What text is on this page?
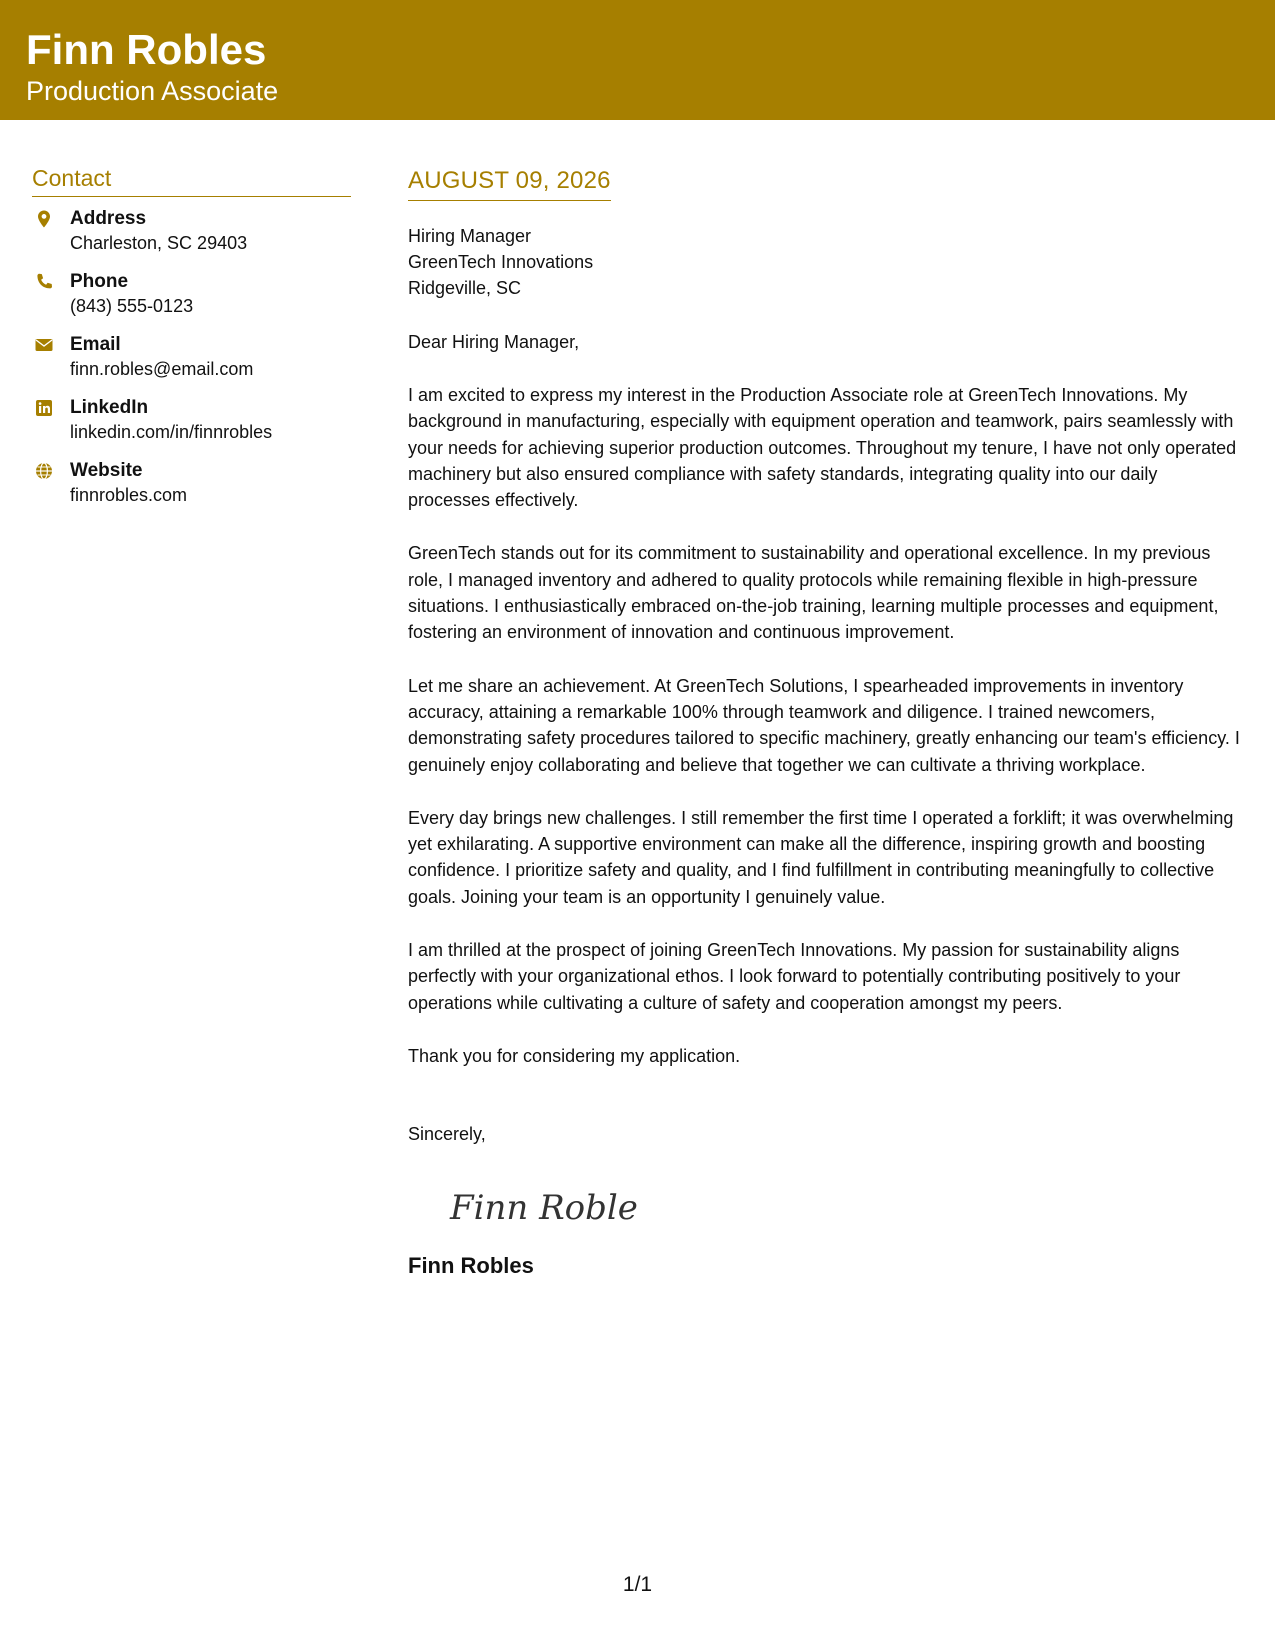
Finn Robles
Production Associate
Contact
Address
Charleston, SC 29403
Phone
(843) 555-0123
Email
finn.robles@email.com
LinkedIn
linkedin.com/in/finnrobles
Website
finnrobles.com
AUGUST 09, 2026
Hiring Manager
GreenTech Innovations
Ridgeville, SC
Dear Hiring Manager,
I am excited to express my interest in the Production Associate role at GreenTech Innovations. My background in manufacturing, especially with equipment operation and teamwork, pairs seamlessly with your needs for achieving superior production outcomes. Throughout my tenure, I have not only operated machinery but also ensured compliance with safety standards, integrating quality into our daily processes effectively.
GreenTech stands out for its commitment to sustainability and operational excellence. In my previous role, I managed inventory and adhered to quality protocols while remaining flexible in high-pressure situations. I enthusiastically embraced on-the-job training, learning multiple processes and equipment, fostering an environment of innovation and continuous improvement.
Let me share an achievement. At GreenTech Solutions, I spearheaded improvements in inventory accuracy, attaining a remarkable 100% through teamwork and diligence. I trained newcomers, demonstrating safety procedures tailored to specific machinery, greatly enhancing our team's efficiency. I genuinely enjoy collaborating and believe that together we can cultivate a thriving workplace.
Every day brings new challenges. I still remember the first time I operated a forklift; it was overwhelming yet exhilarating. A supportive environment can make all the difference, inspiring growth and boosting confidence. I prioritize safety and quality, and I find fulfillment in contributing meaningfully to collective goals. Joining your team is an opportunity I genuinely value.
I am thrilled at the prospect of joining GreenTech Innovations. My passion for sustainability aligns perfectly with your organizational ethos. I look forward to potentially contributing positively to your operations while cultivating a culture of safety and cooperation amongst my peers.
Thank you for considering my application.
Sincerely,
Finn Robles
Finn Robles
1/1
